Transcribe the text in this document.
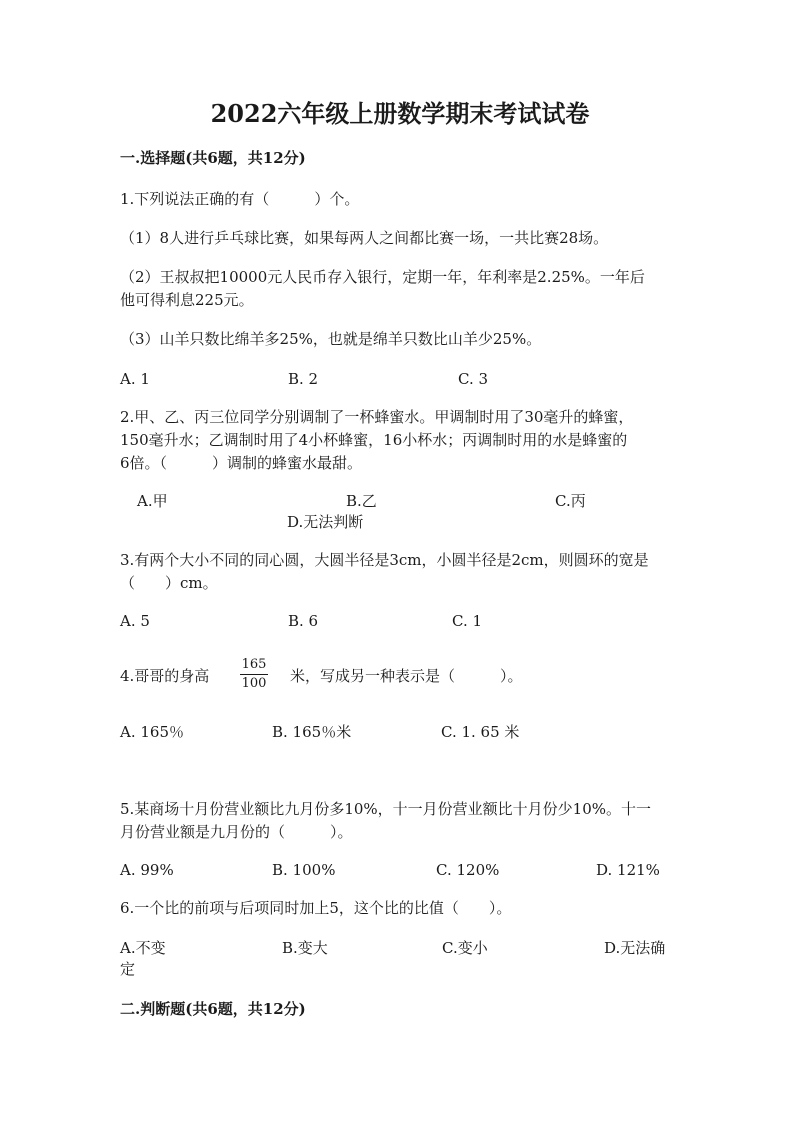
2022六年级上册数学期末考试试卷

一.选择题(共6题，共12分)

1.下列说法正确的有（　　　）个。

（1）8人进行乒乓球比赛，如果每两人之间都比赛一场，一共比赛28场。

（2）王叔叔把10000元人民币存入银行，定期一年，年利率是2.25%。一年后

他可得利息225元。

（3）山羊只数比绵羊多25%，也就是绵羊只数比山羊少25%。

A. 1	B. 2	C. 3

2.甲、乙、丙三位同学分别调制了一杯蜂蜜水。甲调制时用了30毫升的蜂蜜，

150毫升水；乙调制时用了4小杯蜂蜜，16小杯水；丙调制时用的水是蜂蜜的

6倍。（　　　）调制的蜂蜜水最甜。

A.甲	B.乙	C.丙

D.无法判断

3.有两个大小不同的同心圆，大圆半径是3cm，小圆半径是2cm，则圆环的宽是

（　　）cm。

A. 5	B. 6	C. 1

4.哥哥的身高

165
100 米，写成另一种表示是（　　　）。

A. 165％	B. 165％米	C. 1. 65 米

5.某商场十月份营业额比九月份多10%，十一月份营业额比十月份少10%。十一

月份营业额是九月份的（　　　）。

A. 99%	B. 100%	C. 120%	D. 121%

6.一个比的前项与后项同时加上5，这个比的比值（　　）。

A.不变	B.变大	C.变小	D.无法确

定

二.判断题(共6题，共12分)
